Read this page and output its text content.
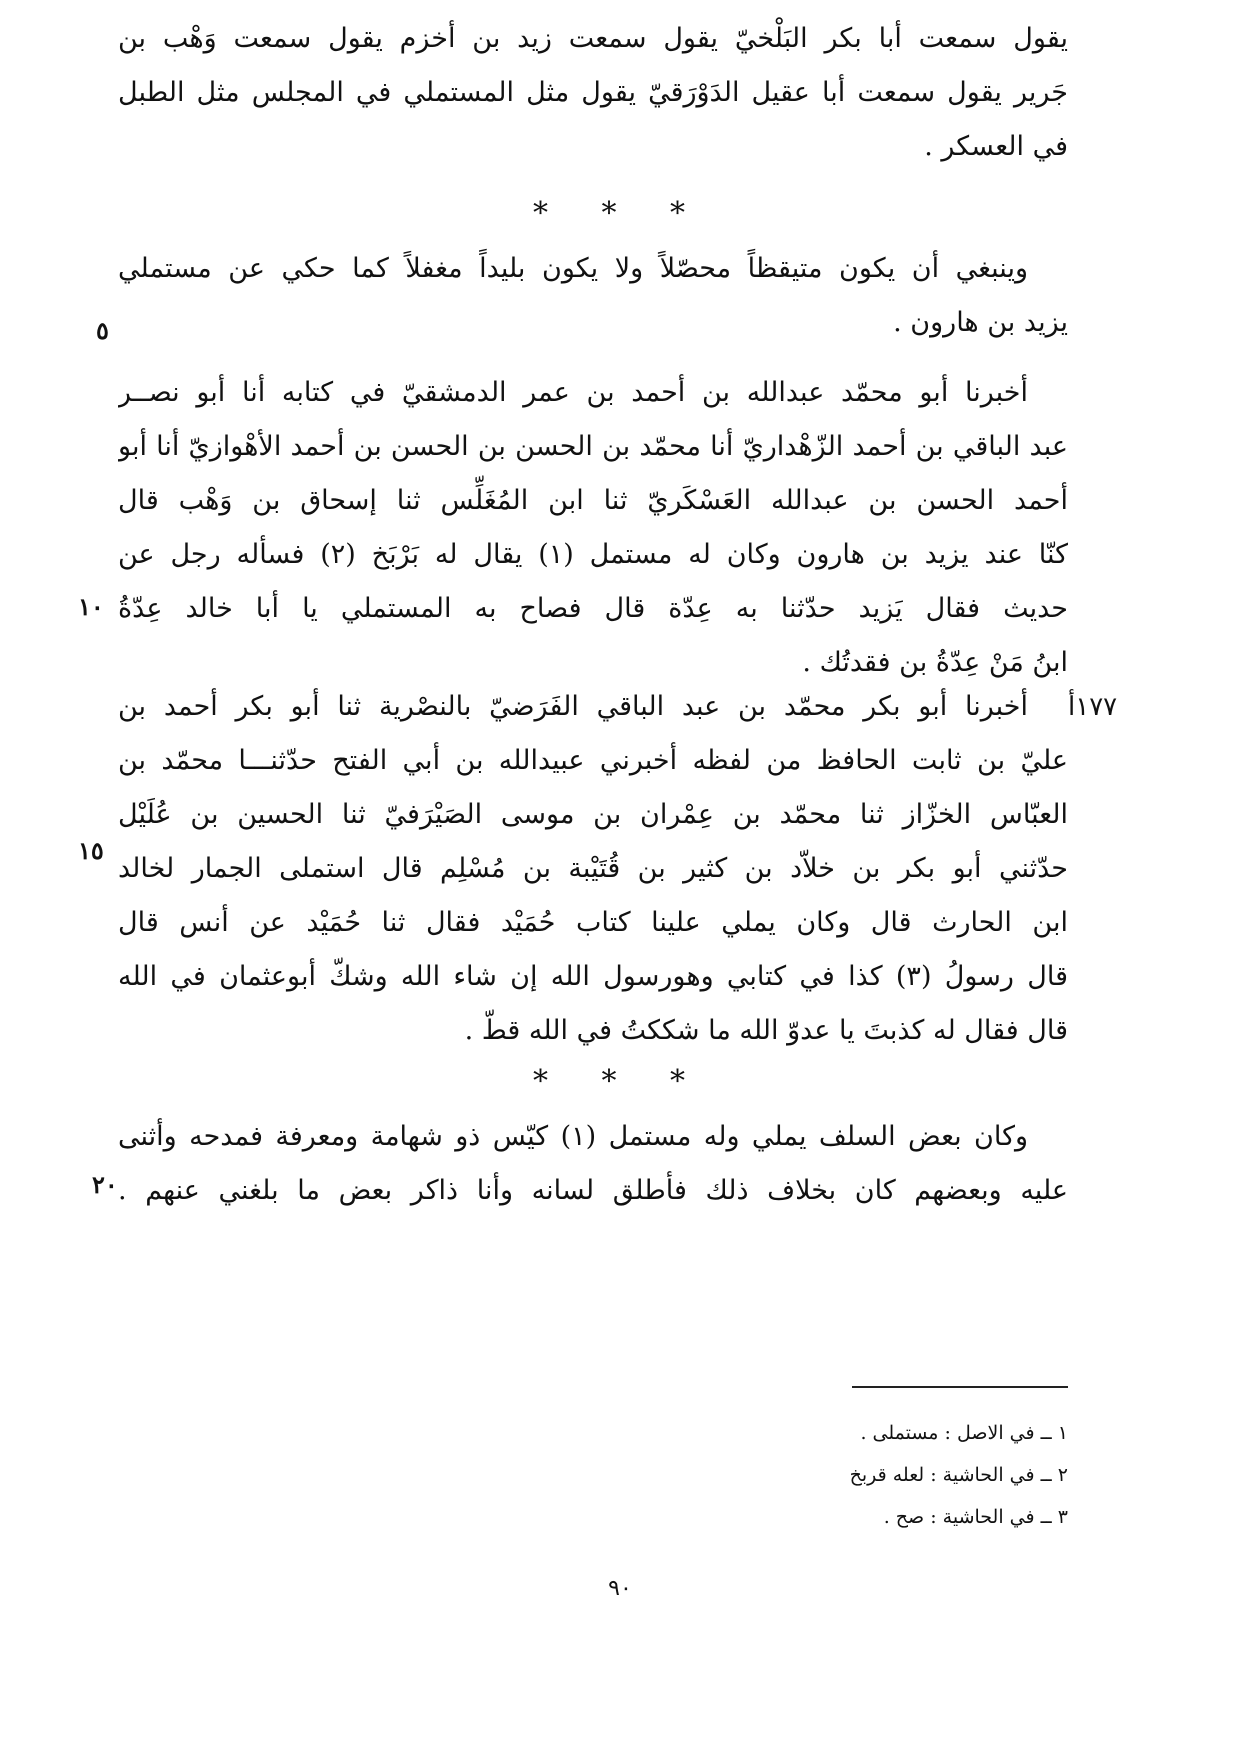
يقول سمعت أبا بكر البَلْخيّ يقول سمعت زيد بن أخزم يقول سمعت وَهْب بن
جَرير يقول سمعت أبا عقيل الدَوْرَقيّ يقول مثل المستملي في المجلس مثل الطبل
في العسكر .
* * *
وينبغي أن يكون متيقظاً محصّلاً ولا يكون بليداً مغفلاً كما حكي عن مستملي
يزيد بن هارون .
٥
أخبرنا أبو محمّد عبدالله بن أحمد بن عمر الدمشقيّ في كتابه أنا أبو نصــر
عبد الباقي بن أحمد الزّهْداريّ أنا محمّد بن الحسن بن الحسن بن أحمد الأهْوازيّ أنا أبو
أحمد الحسن بن عبدالله العَسْكَريّ ثنا ابن المُغَلِّس ثنا إسحاق بن وَهْب قال
كنّا عند يزيد بن هارون وكان له مستمل (١) يقال له بَرْبَخ (٢) فسأله رجل عن
حديث فقال يَزيد حدّثنا به عِدّة قال فصاح به المستملي يا أبا خالد عِدّةُ
ابنُ مَنْ عِدّةُ بن فقدتُك .
١٠
١٧٧أ
أخبرنا أبو بكر محمّد بن عبد الباقي الفَرَضيّ بالنصْرية ثنا أبو بكر أحمد بن
عليّ بن ثابت الحافظ من لفظه أخبرني عبيدالله بن أبي الفتح حدّثنـــا محمّد بن
العبّاس الخزّاز ثنا محمّد بن عِمْران بن موسى الصَيْرَفيّ ثنا الحسين بن عُلَيْل
حدّثني أبو بكر بن خلاّد بن كثير بن قُتَيْبة بن مُسْلِم قال استملى الجمار لخالد
ابن الحارث قال وكان يملي علينا كتاب حُمَيْد فقال ثنا حُمَيْد عن أنس قال
قال رسولُ (٣) كذا في كتابي وهورسول الله إن شاء الله وشكّ أبوعثمان في الله
قال فقال له كذبتَ يا عدوّ الله ما شككتُ في الله قطّ .
١٥
* * *
وكان بعض السلف يملي وله مستمل (١) كيّس ذو شهامة ومعرفة فمدحه وأثنى
عليه وبعضهم كان بخلاف ذلك فأطلق لسانه وأنا ذاكر بعض ما بلغني عنهم .
٢٠
١ ــ في الاصل : مستملى .
٢ ــ في الحاشية : لعله قربخ
٣ ــ في الحاشية : صح .
٩٠
